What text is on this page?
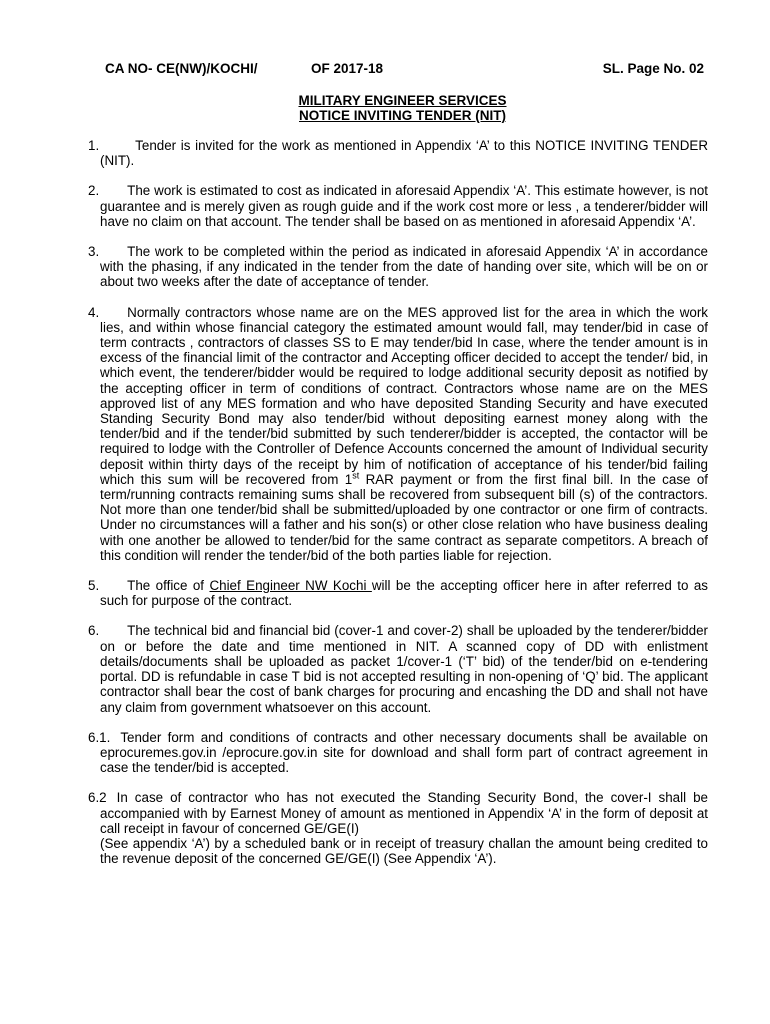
CA NO- CE(NW)/KOCHI/	OF 2017-18	SL. Page No. 02
MILITARY ENGINEER SERVICES
NOTICE INVITING TENDER (NIT)
1.	Tender is invited for the work as mentioned in Appendix ‘A’ to this NOTICE INVITING TENDER (NIT).
2. The work is estimated to cost as indicated in aforesaid Appendix ‘A’. This estimate however, is not guarantee and is merely given as rough guide and if the work cost more or less , a tenderer/bidder will have no claim on that account. The tender shall be based on as mentioned in aforesaid Appendix ‘A’.
3. The work to be completed within the period as indicated in aforesaid Appendix ‘A’ in accordance with the phasing, if any indicated in the tender from the date of handing over site, which will be on or about two weeks after the date of acceptance of tender.
4. Normally contractors whose name are on the MES approved list for the area in which the work lies, and within whose financial category the estimated amount would fall, may tender/bid in case of term contracts , contractors of classes SS to E may tender/bid In case, where the tender amount is in excess of the financial limit of the contractor and Accepting officer decided to accept the tender/ bid, in which event, the tenderer/bidder would be required to lodge additional security deposit as notified by the accepting officer in term of conditions of contract. Contractors whose name are on the MES approved list of any MES formation and who have deposited Standing Security and have executed Standing Security Bond may also tender/bid without depositing earnest money along with the tender/bid and if the tender/bid submitted by such tenderer/bidder is accepted, the contactor will be required to lodge with the Controller of Defence Accounts concerned the amount of Individual security deposit within thirty days of the receipt by him of notification of acceptance of his tender/bid failing which this sum will be recovered from 1st RAR payment or from the first final bill. In the case of term/running contracts remaining sums shall be recovered from subsequent bill (s) of the contractors. Not more than one tender/bid shall be submitted/uploaded by one contractor or one firm of contracts. Under no circumstances will a father and his son(s) or other close relation who have business dealing with one another be allowed to tender/bid for the same contract as separate competitors. A breach of this condition will render the tender/bid of the both parties liable for rejection.
5. The office of Chief Engineer NW Kochi will be the accepting officer here in after referred to as such for purpose of the contract.
6. The technical bid and financial bid (cover-1 and cover-2) shall be uploaded by the tenderer/bidder on or before the date and time mentioned in NIT. A scanned copy of DD with enlistment details/documents shall be uploaded as packet 1/cover-1 (‘T’ bid) of the tender/bid on e-tendering portal. DD is refundable in case T bid is not accepted resulting in non-opening of ‘Q’ bid. The applicant contractor shall bear the cost of bank charges for procuring and encashing the DD and shall not have any claim from government whatsoever on this account.
6.1. Tender form and conditions of contracts and other necessary documents shall be available on eprocuremes.gov.in /eprocure.gov.in site for download and shall form part of contract agreement in case the tender/bid is accepted.
6.2 In case of contractor who has not executed the Standing Security Bond, the cover-I shall be accompanied with by Earnest Money of amount as mentioned in Appendix ‘A’ in the form of deposit at call receipt in favour of concerned GE/GE(I)
(See appendix ‘A’) by a scheduled bank or in receipt of treasury challan the amount being credited to the revenue deposit of the concerned GE/GE(I) (See Appendix ‘A’).
